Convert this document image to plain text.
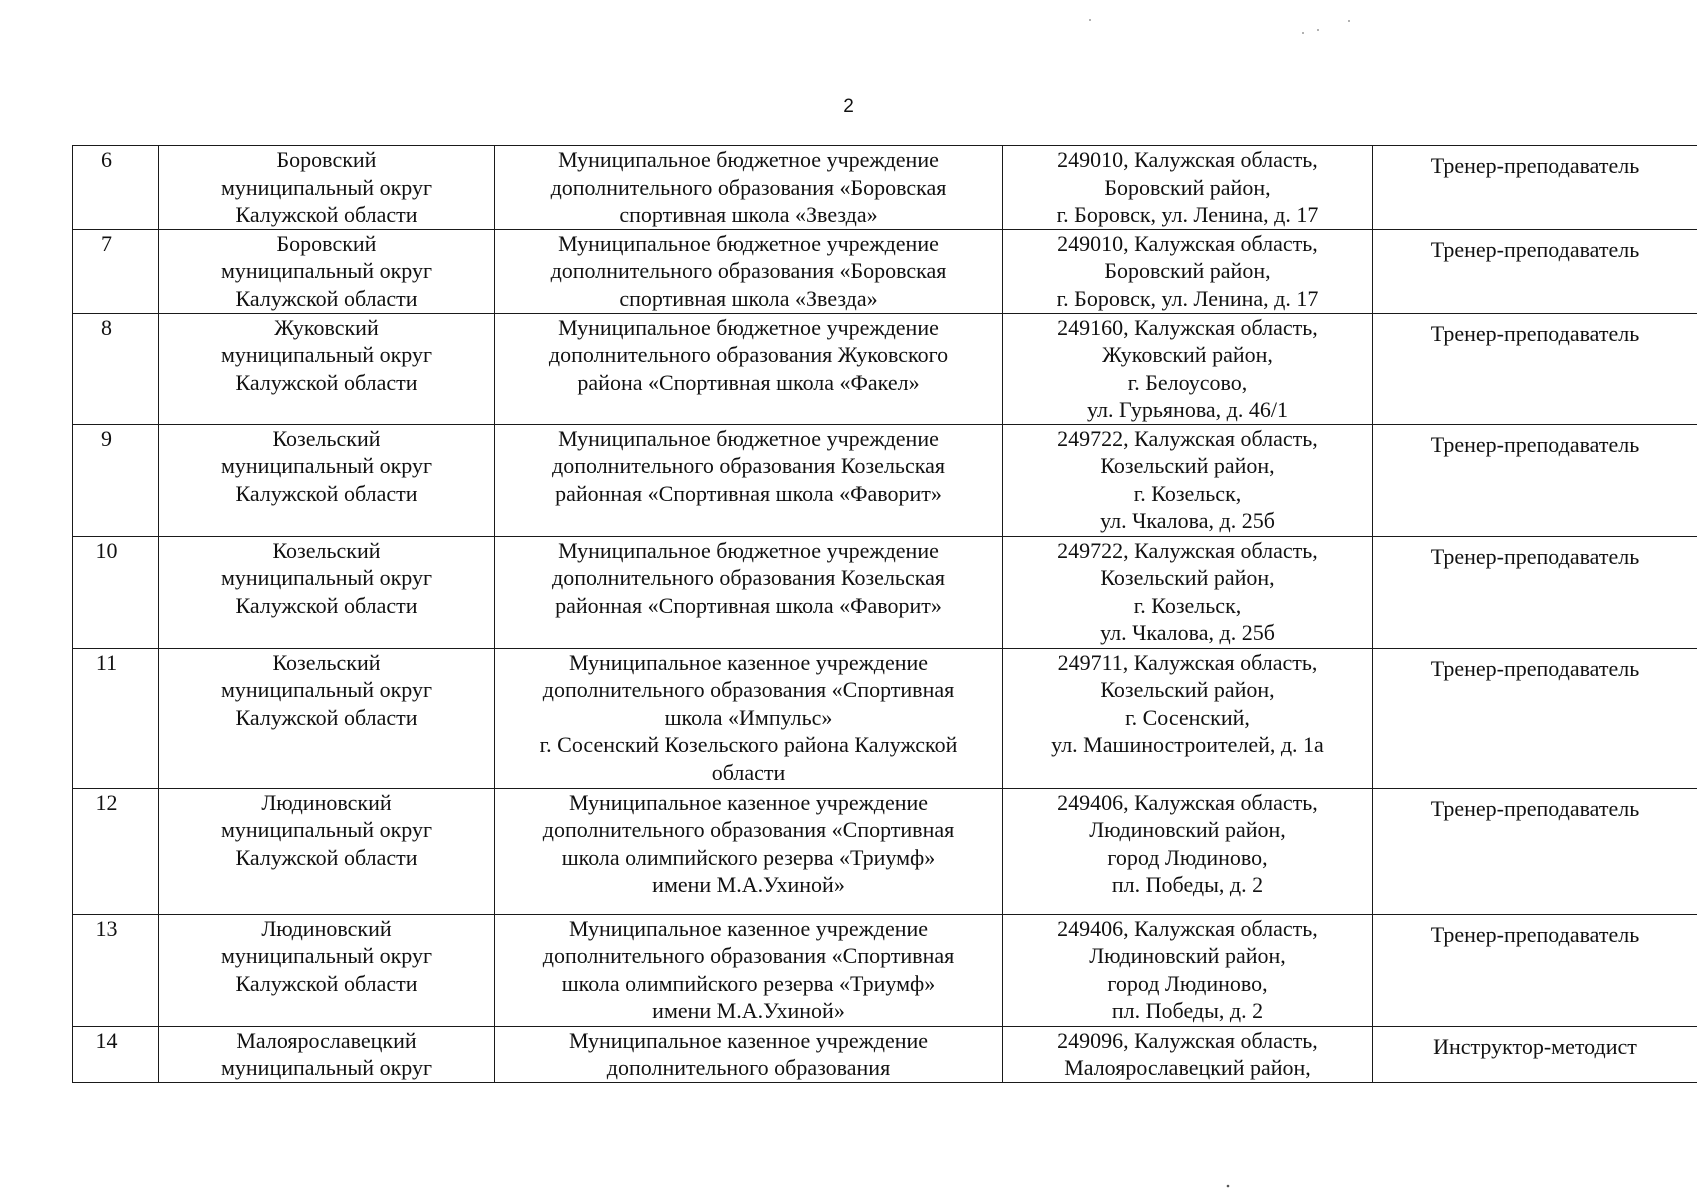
2
6	Боровский
муниципальный округ
Калужской области	Муниципальное бюджетное учреждение
дополнительного образования «Боровская
спортивная школа «Звезда»	249010, Калужская область,
Боровский район,
г. Боровск, ул. Ленина, д. 17	Тренер-преподаватель

7	Боровский
муниципальный округ
Калужской области	Муниципальное бюджетное учреждение
дополнительного образования «Боровская
спортивная школа «Звезда»	249010, Калужская область,
Боровский район,
г. Боровск, ул. Ленина, д. 17	Тренер-преподаватель

8	Жуковский
муниципальный округ
Калужской области	Муниципальное бюджетное учреждение
дополнительного образования Жуковского
района «Спортивная школа «Факел»	249160, Калужская область,
Жуковский район,
г. Белоусово,
ул. Гурьянова, д. 46/1	Тренер-преподаватель

9	Козельский
муниципальный округ
Калужской области	Муниципальное бюджетное учреждение
дополнительного образования Козельская
районная «Спортивная школа «Фаворит»	249722, Калужская область,
Козельский район,
г. Козельск,
ул. Чкалова, д. 25б	Тренер-преподаватель

10	Козельский
муниципальный округ
Калужской области	Муниципальное бюджетное учреждение
дополнительного образования Козельская
районная «Спортивная школа «Фаворит»	249722, Калужская область,
Козельский район,
г. Козельск,
ул. Чкалова, д. 25б	Тренер-преподаватель

11	Козельский
муниципальный округ
Калужской области	Муниципальное казенное учреждение
дополнительного образования «Спортивная
школа «Импульс»
г. Сосенский Козельского района Калужской
области	249711, Калужская область,
Козельский район,
г. Сосенский,
ул. Машиностроителей, д. 1а	Тренер-преподаватель

12	Людиновский
муниципальный округ
Калужской области	Муниципальное казенное учреждение
дополнительного образования «Спортивная
школа олимпийского резерва «Триумф»
имени М.А.Ухиной»	249406, Калужская область,
Людиновский район,
город Людиново,
пл. Победы, д. 2	Тренер-преподаватель

13	Людиновский
муниципальный округ
Калужской области	Муниципальное казенное учреждение
дополнительного образования «Спортивная
школа олимпийского резерва «Триумф»
имени М.А.Ухиной»	249406, Калужская область,
Людиновский район,
город Людиново,
пл. Победы, д. 2	Тренер-преподаватель

14	Малоярославецкий
муниципальный округ	Муниципальное казенное учреждение
дополнительного образования	249096, Калужская область,
Малоярославецкий район,	Инструктор-методист
